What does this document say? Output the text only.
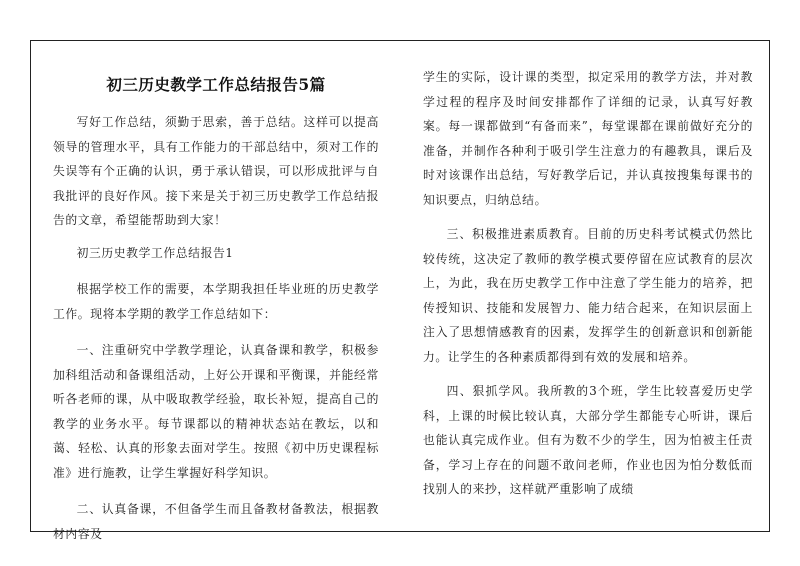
初三历史教学工作总结报告5篇

写好工作总结，须勤于思索，善于总结。这样可以提高领导的管理水平，具有工作能力的干部总结中，须对工作的失误等有个正确的认识，勇于承认错误，可以形成批评与自我批评的良好作风。接下来是关于初三历史教学工作总结报告的文章，希望能帮助到大家！

初三历史教学工作总结报告1

根据学校工作的需要，本学期我担任毕业班的历史教学工作。现将本学期的教学工作总结如下：

一、注重研究中学教学理论，认真备课和教学，积极参加科组活动和备课组活动，上好公开课和平衡课，并能经常听各老师的课，从中吸取教学经验，取长补短，提高自己的教学的业务水平。每节课都以的精神状态站在教坛，以和蔼、轻松、认真的形象去面对学生。按照《初中历史课程标准》进行施教，让学生掌握好科学知识。

二、认真备课，不但备学生而且备教材备教法，根据教材内容及

学生的实际，设计课的类型，拟定采用的教学方法，并对教学过程的程序及时间安排都作了详细的记录，认真写好教案。每一课都做到“有备而来”，每堂课都在课前做好充分的准备，并制作各种利于吸引学生注意力的有趣教具，课后及时对该课作出总结，写好教学后记，并认真按搜集每课书的知识要点，归纳总结。

三、积极推进素质教育。目前的历史科考试模式仍然比较传统，这决定了教师的教学模式要停留在应试教育的层次上，为此，我在历史教学工作中注意了学生能力的培养，把传授知识、技能和发展智力、能力结合起来，在知识层面上注入了思想情感教育的因素，发挥学生的创新意识和创新能力。让学生的各种素质都得到有效的发展和培养。

四、狠抓学风。我所教的3个班，学生比较喜爱历史学科，上课的时候比较认真，大部分学生都能专心听讲，课后也能认真完成作业。但有为数不少的学生，因为怕被主任责备，学习上存在的问题不敢问老师，作业也因为怕分数低而找别人的来抄，这样就严重影响了成绩
